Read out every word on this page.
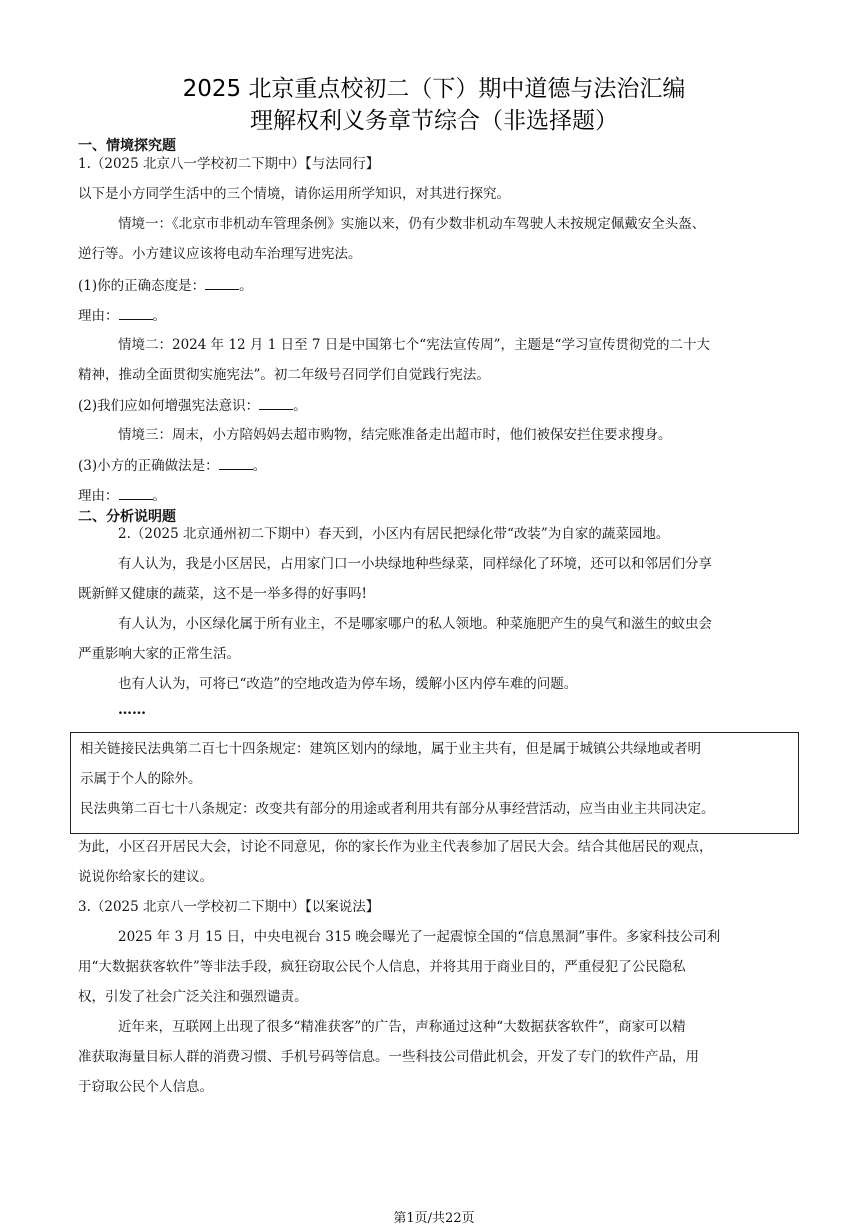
2025 北京重点校初二（下）期中道德与法治汇编
理解权利义务章节综合（非选择题）
一、情境探究题
1.（2025 北京八一学校初二下期中）【与法同行】
以下是小方同学生活中的三个情境，请你运用所学知识，对其进行探究。
情境一：《北京市非机动车管理条例》实施以来，仍有少数非机动车驾驶人未按规定佩戴安全头盔、
逆行等。小方建议应该将电动车治理写进宪法。
(1)你的正确态度是：	。
理由：	。
情境二：2024 年 12 月 1 日至 7 日是中国第七个“宪法宣传周”，主题是“学习宣传贯彻党的二十大
精神，推动全面贯彻实施宪法”。初二年级号召同学们自觉践行宪法。
(2)我们应如何增强宪法意识：	。
情境三：周末，小方陪妈妈去超市购物，结完账准备走出超市时，他们被保安拦住要求搜身。
(3)小方的正确做法是：	。
理由：	。
二、分析说明题
2.（2025 北京通州初二下期中）春天到，小区内有居民把绿化带“改装”为自家的蔬菜园地。
有人认为，我是小区居民，占用家门口一小块绿地种些绿菜，同样绿化了环境，还可以和邻居们分享
既新鲜又健康的蔬菜，这不是一举多得的好事吗!
有人认为，小区绿化属于所有业主，不是哪家哪户的私人领地。种菜施肥产生的臭气和滋生的蚊虫会
严重影响大家的正常生活。
也有人认为，可将已“改造”的空地改造为停车场，缓解小区内停车难的问题。
……
相关链接民法典第二百七十四条规定：建筑区划内的绿地，属于业主共有，但是属于城镇公共绿地或者明
示属于个人的除外。
民法典第二百七十八条规定：改变共有部分的用途或者利用共有部分从事经营活动，应当由业主共同决定。
为此，小区召开居民大会，讨论不同意见，你的家长作为业主代表参加了居民大会。结合其他居民的观点，
说说你给家长的建议。
3.（2025 北京八一学校初二下期中）【以案说法】
2025 年 3 月 15 日，中央电视台 315 晚会曝光了一起震惊全国的“信息黑洞”事件。多家科技公司利
用“大数据获客软件”等非法手段，疯狂窃取公民个人信息，并将其用于商业目的，严重侵犯了公民隐私
权，引发了社会广泛关注和强烈谴责。
近年来，互联网上出现了很多“精准获客”的广告，声称通过这种“大数据获客软件”，商家可以精
准获取海量目标人群的消费习惯、手机号码等信息。一些科技公司借此机会，开发了专门的软件产品，用
于窃取公民个人信息。
第1页/共22页
